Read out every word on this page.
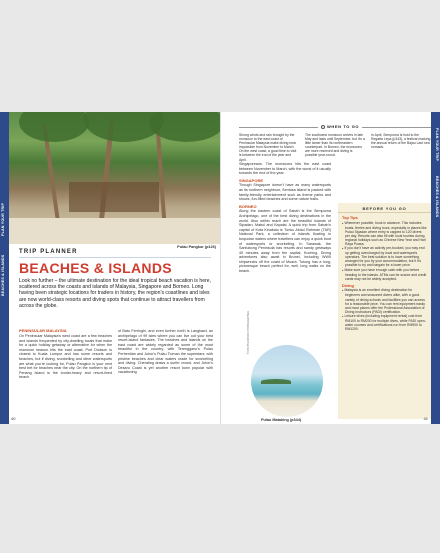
PLAN YOUR TRIP
BEACHES & ISLANDS
Pulau Pangkor (p126)
TRIP PLANNER
BEACHES & ISLANDS
Look no further – the ultimate destination for the ideal tropical beach vacation is here, scattered across the coasts and islands of Malaysia, Singapore and Borneo. Long having been strategic locations for traders in history, the region's coastlines and isles are now world-class resorts and diving spots that continue to attract travellers from across the globe.
PENINSULAR MALAYSIA
On Peninsular Malaysia's west coast are a few beaches and islands frequented by city-dwelling locals that make for a quick holiday getaway or alternative for when the monsoon season hits the east coast. Port Dickson is closest to Kuala Lumpur and has some resorts and beaches, but if diving, snorkelling and other watersports are what you're looking for, Pulau Pangkor is your next best bet for beaches near the city. On the northern tip of Penang Island is the tourist-heavy and resort-lined beach
of Batu Ferringhi, and even further north is Langkawi, an archipelago of 99 isles where you can live out your best resort-island fantasies. The beaches and islands on the east coast are widely regarded as some of the most beautiful in the country, with Terengganu's Pulau Perhentian and Johor's Pulau Tioman the superstars, with pristine beaches and clear waters made for snorkelling and diving. Cherating draws a surfer crowd, and Johor's Desaru Coast is yet another resort town popular with vacationing
40
PLAN YOUR TRIP
BEACHES & ISLANDS
WHEN TO GO
Strong winds and rain brought by the monsoon to the east coast of Peninsular Malaysia make diving near impossible from November to March. On the west coast, a good time to visit is between the end of the year and April.
The southwest monsoon arrives in late May and lasts until September, but it's a little tamer than its northeastern counterpart. In Borneo, the monsoons are more reserved and diving is possible year-round.
In April, Semporna is host to the Regatta Lepa (p343), a festival marking the annual return of the Bajau Laut sea nomads.
Singaporeans. The monsoons hits the east coast between November to March, with the worst of it usually towards the end of the year.
SINGAPORE
Though Singapore doesn't have as many watersports as its northern neighbour, Sentosa island is packed with family-friendly entertainment such as theme parks and shows, fun-filled beaches and some nature trails.
BORNEO
Along the eastern coast of Sabah is the Semporna Archipelago, one of the best diving destinations in the world. Also within reach are the beautiful islands of Sipadan, Mabul and Kapalai. A quick trip from Sabah's capital of Kota Kinabalu is Tunku Abdul Rahman (TAR) National Park, a collection of islands floating in turquoise waters where travellers can enjoy a quick bout of watersports or snorkelling. In Sarawak, the Santubong Peninsula has resorts and sandy getaways 40 minutes away from the capital, Kuching. Diving adventures also await in Brunei, including WWII shipwrecks off the coast of Muara. Tutong has a long, picturesque beach perfect for, well, long walks on the beach.
© SHUTTERSTOCK PHOTOGRAPHER
Pulau Mataking (p344)
BEFORE YOU GO
Top Tips
● Whenever possible, book in advance. This includes boats, ferries and diving tours, especially in places like Pulau Sipadan where entry is capped to 120 divers per day. Resorts can also fill with local tourists during regional holidays such as Chinese New Year and Hari Raya Puasa.
● If you don't have an activity pre-booked, you may end up getting overcharged by local and watersports operators. The best solution is to have something arranged for you by your accommodation, but if it's possible to try and bargain for a lower price.
● Make sure you have enough cash with you before heading to the islands. ATMs can be scarce and credit cards may not be widely accepted.
Diving
● Malaysia is an excellent diving destination for beginners and seasoned divers alike, with a good variety of diving schools and facilities you can access for a reasonable price. You can rent equipment easily and most places offer the Professional Association of Diving Instructors (PADI) certification.
● Leisure dives (including equipment rental) cost from RM100 to RM200 for multiple dives, while PADI open-water courses and certifications run from RM900 to RM1200.
41
